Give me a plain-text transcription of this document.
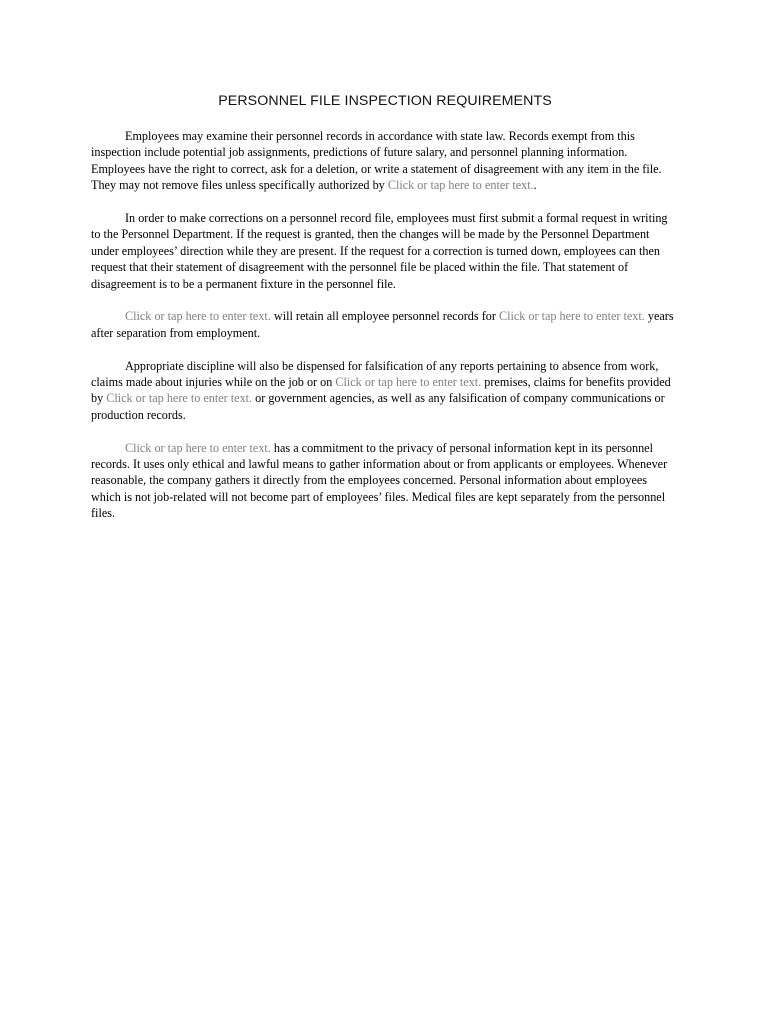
PERSONNEL FILE INSPECTION REQUIREMENTS

Employees may examine their personnel records in accordance with state law. Records exempt from this inspection include potential job assignments, predictions of future salary, and personnel planning information. Employees have the right to correct, ask for a deletion, or write a statement of disagreement with any item in the file. They may not remove files unless specifically authorized by Click or tap here to enter text..

In order to make corrections on a personnel record file, employees must first submit a formal request in writing to the Personnel Department. If the request is granted, then the changes will be made by the Personnel Department under employees’ direction while they are present. If the request for a correction is turned down, employees can then request that their statement of disagreement with the personnel file be placed within the file. That statement of disagreement is to be a permanent fixture in the personnel file.

Click or tap here to enter text. will retain all employee personnel records for Click or tap here to enter text. years after separation from employment.

Appropriate discipline will also be dispensed for falsification of any reports pertaining to absence from work, claims made about injuries while on the job or on Click or tap here to enter text. premises, claims for benefits provided by Click or tap here to enter text. or government agencies, as well as any falsification of company communications or production records.

Click or tap here to enter text. has a commitment to the privacy of personal information kept in its personnel records. It uses only ethical and lawful means to gather information about or from applicants or employees. Whenever reasonable, the company gathers it directly from the employees concerned. Personal information about employees which is not job-related will not become part of employees’ files. Medical files are kept separately from the personnel files.
